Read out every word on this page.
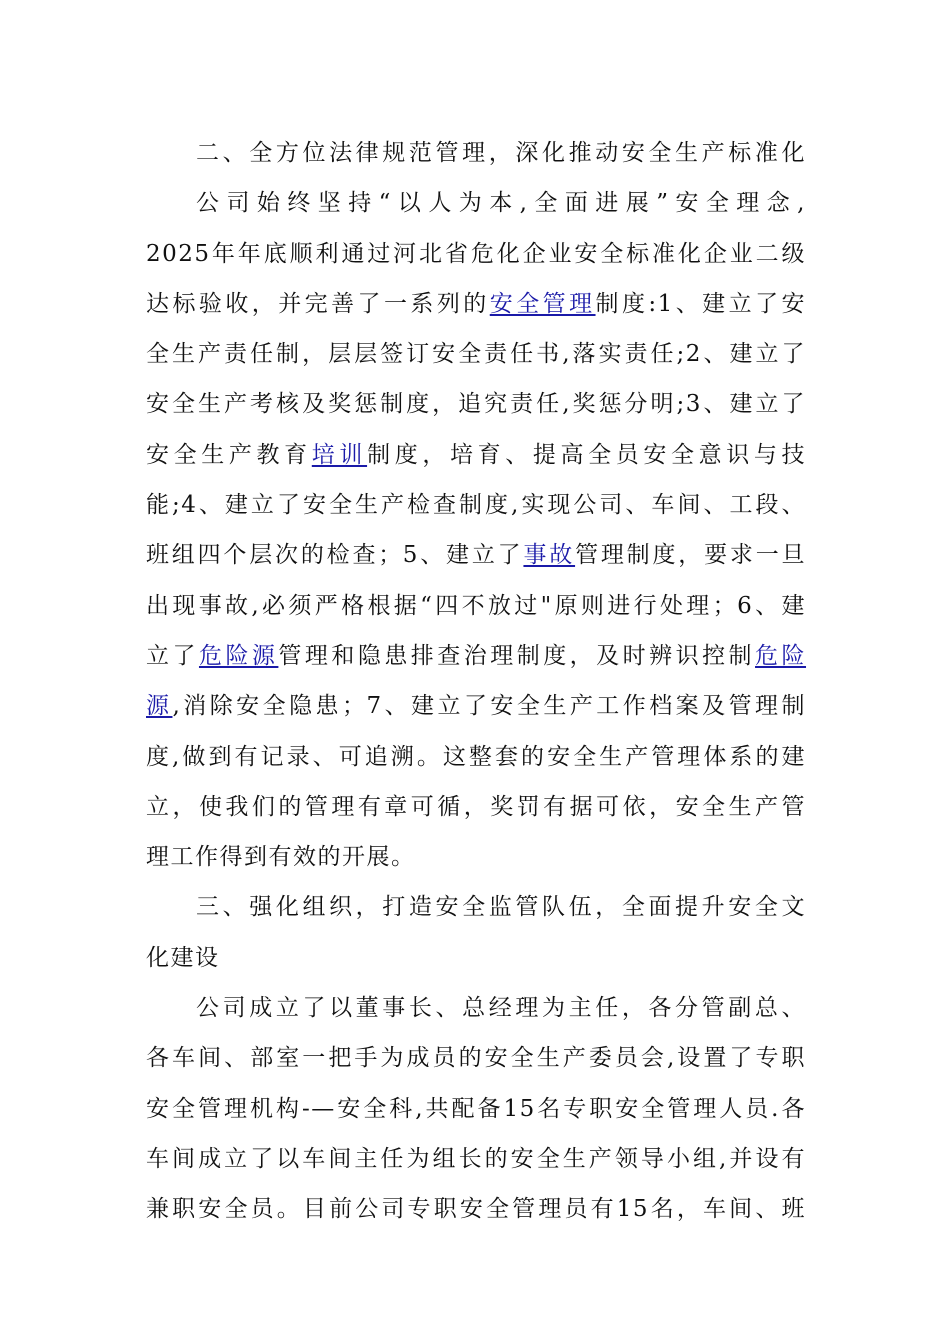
二、全方位法律规范管理，深化推动安全生产标准化
公司始终坚持“以人为本,全面进展”安全理念,
2025年年底顺利通过河北省危化企业安全标准化企业二级
达标验收，并完善了一系列的安全管理制度:1、建立了安
全生产责任制，层层签订安全责任书,落实责任;2、建立了
安全生产考核及奖惩制度，追究责任,奖惩分明;3、建立了
安全生产教育培训制度，培育、提高全员安全意识与技
能;4、建立了安全生产检查制度,实现公司、车间、工段、
班组四个层次的检查；5、建立了事故管理制度，要求一旦
出现事故,必须严格根据“四不放过"原则进行处理；6、建
立了危险源管理和隐患排查治理制度，及时辨识控制危险
源,消除安全隐患；7、建立了安全生产工作档案及管理制
度,做到有记录、可追溯。这整套的安全生产管理体系的建
立，使我们的管理有章可循，奖罚有据可依，安全生产管
理工作得到有效的开展。
三、强化组织，打造安全监管队伍，全面提升安全文
化建设
公司成立了以董事长、总经理为主任，各分管副总、
各车间、部室一把手为成员的安全生产委员会,设置了专职
安全管理机构-—安全科,共配备15名专职安全管理人员.各
车间成立了以车间主任为组长的安全生产领导小组,并设有
兼职安全员。目前公司专职安全管理员有15名，车间、班
